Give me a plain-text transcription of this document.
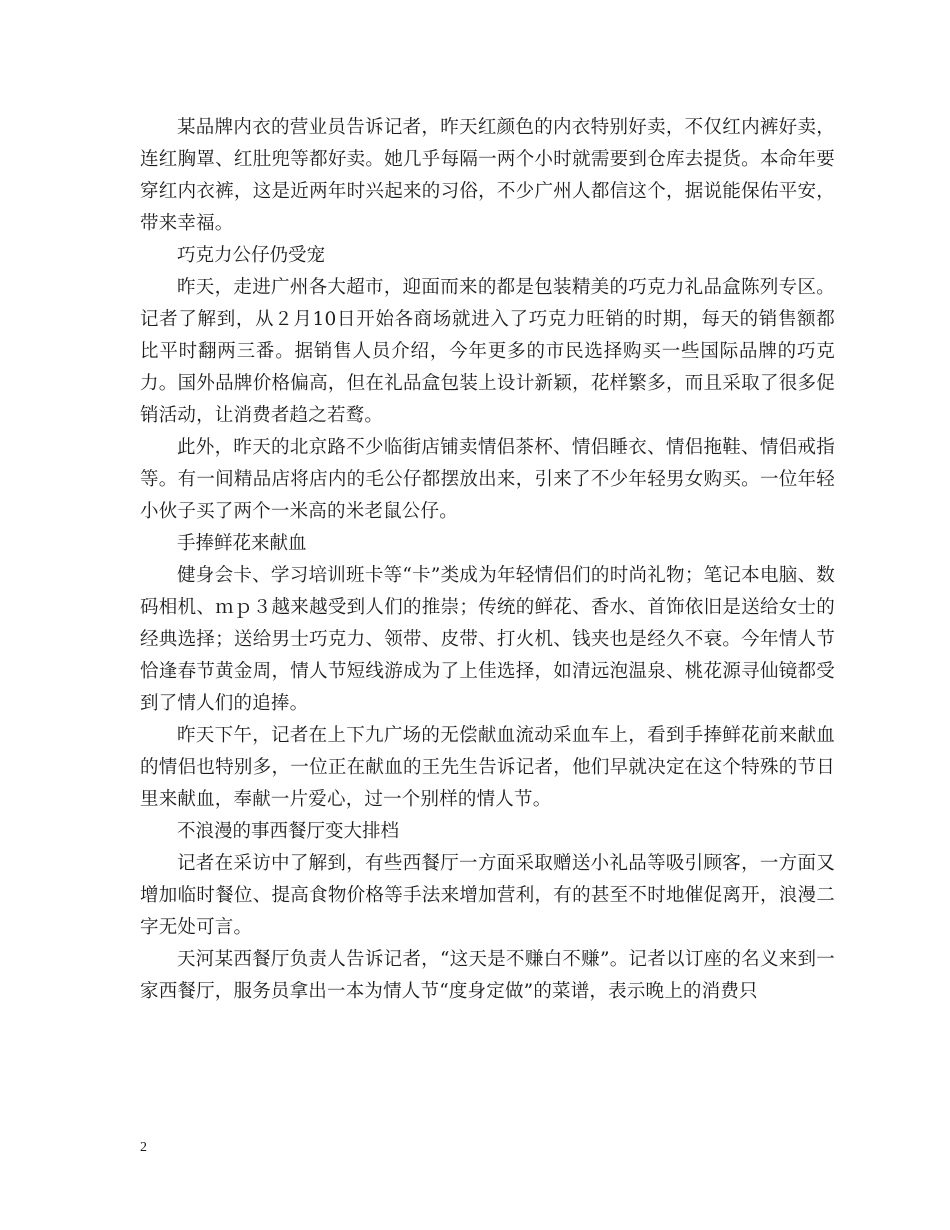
某品牌内衣的营业员告诉记者，昨天红颜色的内衣特别好卖，不仅红内裤好卖，连红胸罩、红肚兜等都好卖。她几乎每隔一两个小时就需要到仓库去提货。本命年要穿红内衣裤，这是近两年时兴起来的习俗，不少广州人都信这个，据说能保佑平安，带来幸福。

巧克力公仔仍受宠

昨天，走进广州各大超市，迎面而来的都是包装精美的巧克力礼品盒陈列专区。记者了解到，从２月10日开始各商场就进入了巧克力旺销的时期，每天的销售额都比平时翻两三番。据销售人员介绍，今年更多的市民选择购买一些国际品牌的巧克力。国外品牌价格偏高，但在礼品盒包装上设计新颖，花样繁多，而且采取了很多促销活动，让消费者趋之若鹜。

此外，昨天的北京路不少临街店铺卖情侣茶杯、情侣睡衣、情侣拖鞋、情侣戒指等。有一间精品店将店内的毛公仔都摆放出来，引来了不少年轻男女购买。一位年轻小伙子买了两个一米高的米老鼠公仔。

手捧鲜花来献血

健身会卡、学习培训班卡等“卡”类成为年轻情侣们的时尚礼物；笔记本电脑、数码相机、ｍｐ３越来越受到人们的推崇；传统的鲜花、香水、首饰依旧是送给女士的经典选择；送给男士巧克力、领带、皮带、打火机、钱夹也是经久不衰。今年情人节恰逢春节黄金周，情人节短线游成为了上佳选择，如清远泡温泉、桃花源寻仙镜都受到了情人们的追捧。

昨天下午，记者在上下九广场的无偿献血流动采血车上，看到手捧鲜花前来献血的情侣也特别多，一位正在献血的王先生告诉记者，他们早就决定在这个特殊的节日里来献血，奉献一片爱心，过一个别样的情人节。

不浪漫的事西餐厅变大排档

记者在采访中了解到，有些西餐厅一方面采取赠送小礼品等吸引顾客，一方面又增加临时餐位、提高食物价格等手法来增加营利，有的甚至不时地催促离开，浪漫二字无处可言。

天河某西餐厅负责人告诉记者，“这天是不赚白不赚”。记者以订座的名义来到一家西餐厅，服务员拿出一本为情人节“度身定做”的菜谱，表示晚上的消费只

2
